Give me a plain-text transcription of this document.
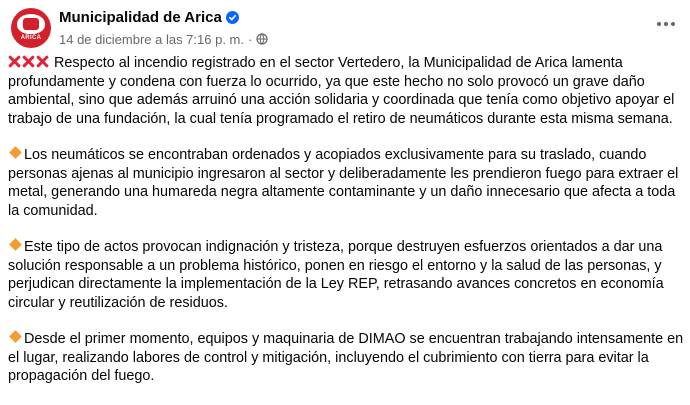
ARICA
Municipalidad de Arica
14 de diciembre a las 7:16 p. m. ·

Respecto al incendio registrado en el sector Vertedero, la Municipalidad de Arica lamenta profundamente y condena con fuerza lo ocurrido, ya que este hecho no solo provocó un grave daño ambiental, sino que además arruinó una acción solidaria y coordinada que tenía como objetivo apoyar el trabajo de una fundación, la cual tenía programado el retiro de neumáticos durante esta misma semana.

Los neumáticos se encontraban ordenados y acopiados exclusivamente para su traslado, cuando personas ajenas al municipio ingresaron al sector y deliberadamente les prendieron fuego para extraer el metal, generando una humareda negra altamente contaminante y un daño innecesario que afecta a toda la comunidad.

Este tipo de actos provocan indignación y tristeza, porque destruyen esfuerzos orientados a dar una solución responsable a un problema histórico, ponen en riesgo el entorno y la salud de las personas, y perjudican directamente la implementación de la Ley REP, retrasando avances concretos en economía circular y reutilización de residuos.

Desde el primer momento, equipos y maquinaria de DIMAO se encuentran trabajando intensamente en el lugar, realizando labores de control y mitigación, incluyendo el cubrimiento con tierra para evitar la propagación del fuego.
